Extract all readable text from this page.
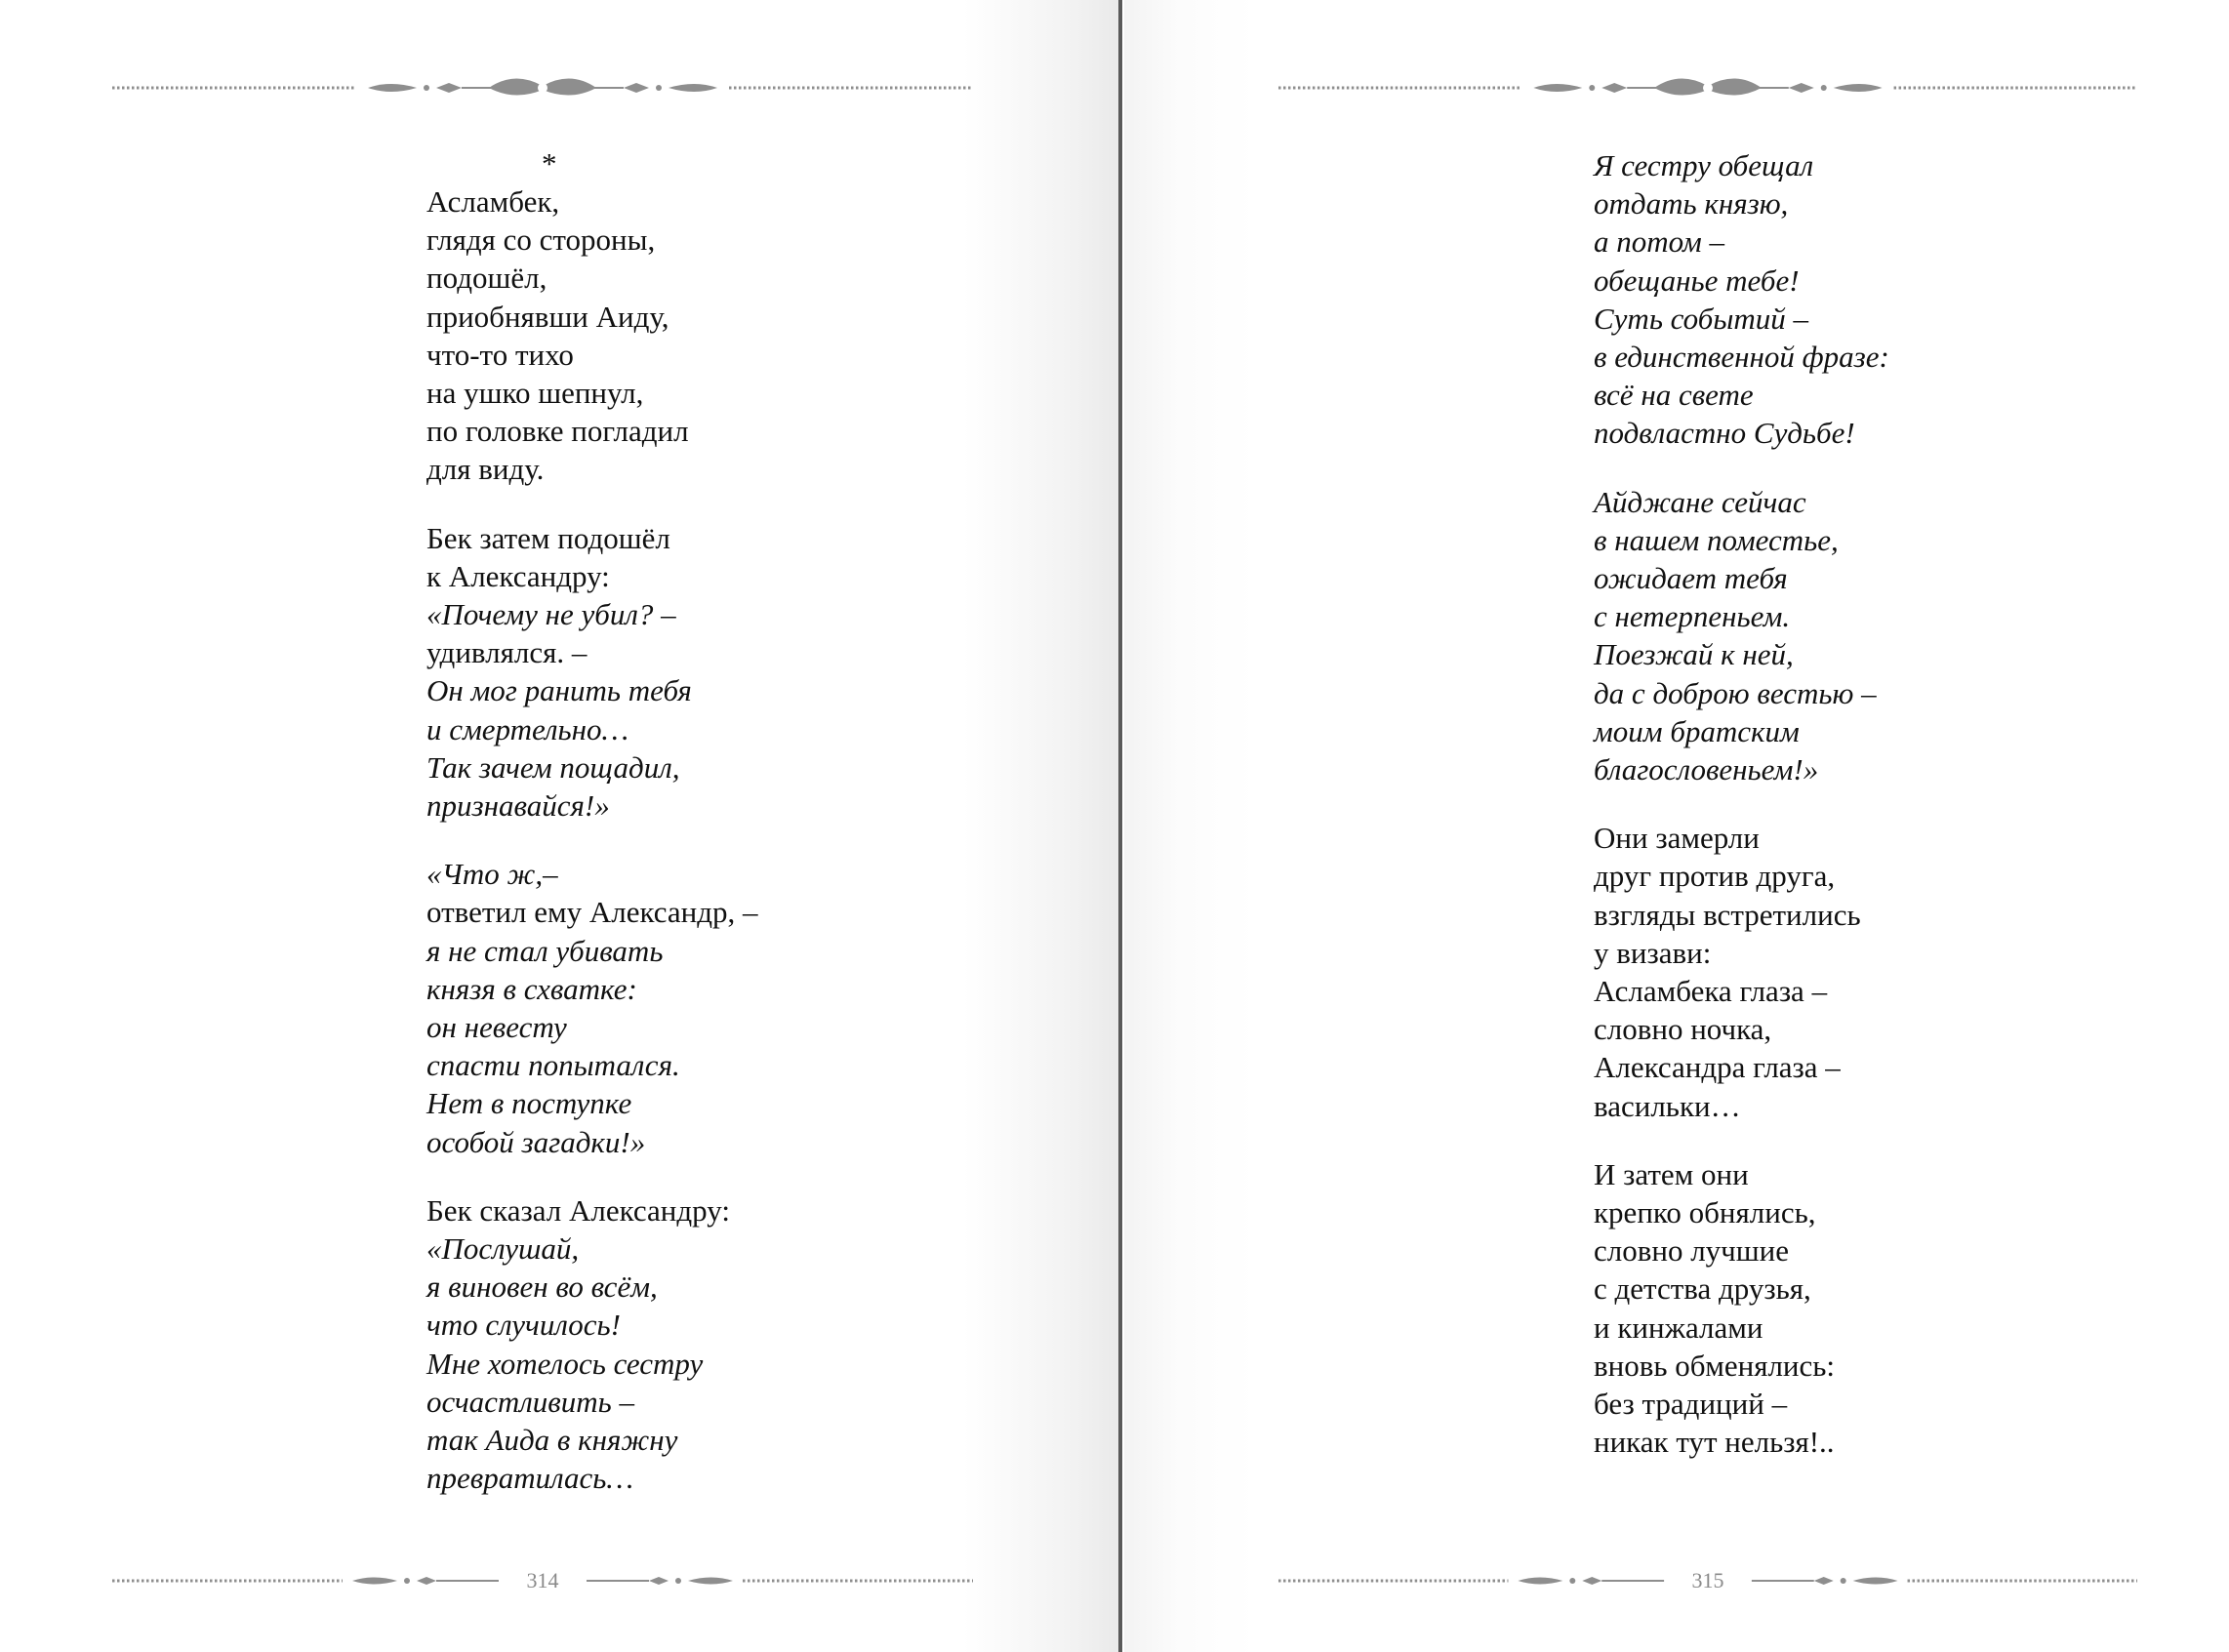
*
Асламбек,
глядя со стороны,
подошёл,
приобнявши Аиду,
что-то тихо
на ушко шепнул,
по головке погладил
для виду.
Бек затем подошёл
к Александру:
«Почему не убил? –
удивлялся. –
Он мог ранить тебя
и смертельно…
Так зачем пощадил,
признавайся!»
«Что ж,–
ответил ему Александр, –
я не стал убивать
князя в схватке:
он невесту
спасти попытался.
Нет в поступке
особой загадки!»
Бек сказал Александру:
«Послушай,
я виновен во всём,
что случилось!
Мне хотелось сестру
осчастливить –
так Аида в княжну
превратилась…
314
Я сестру обещал
отдать князю,
а потом –
обещанье тебе!
Суть событий –
в единственной фразе:
всё на свете
подвластно Судьбе!
Айджане сейчас
в нашем поместье,
ожидает тебя
с нетерпеньем.
Поезжай к ней,
да с доброю вестью –
моим братским
благословеньем!»
Они замерли
друг против друга,
взгляды встретились
у визави:
Асламбека глаза –
словно ночка,
Александра глаза –
васильки…
И затем они
крепко обнялись,
словно лучшие
с детства друзья,
и кинжалами
вновь обменялись:
без традиций –
никак тут нельзя!..
315
